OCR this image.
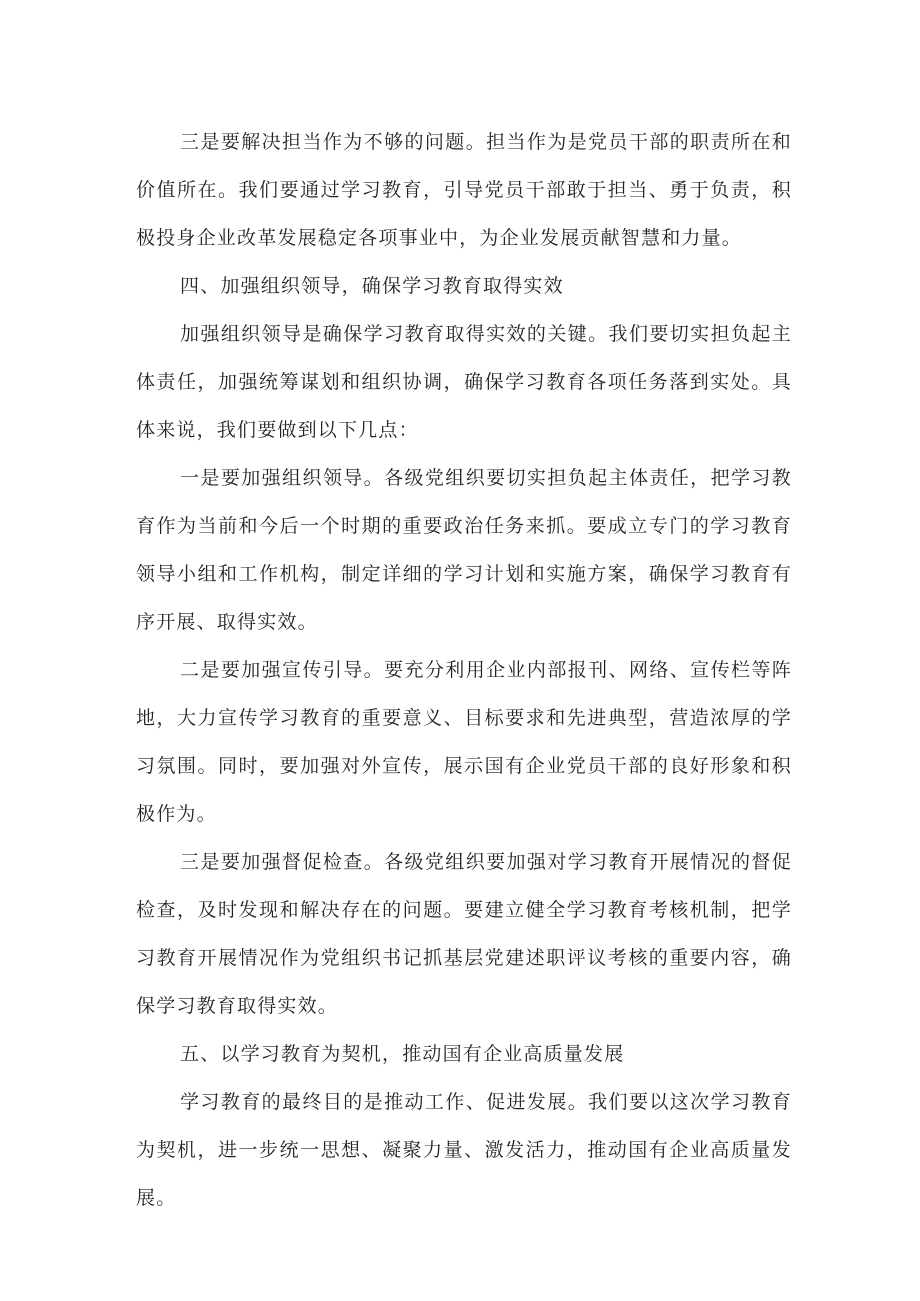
三是要解决担当作为不够的问题。担当作为是党员干部的职责所在和价值所在。我们要通过学习教育，引导党员干部敢于担当、勇于负责，积极投身企业改革发展稳定各项事业中，为企业发展贡献智慧和力量。

四、加强组织领导，确保学习教育取得实效

加强组织领导是确保学习教育取得实效的关键。我们要切实担负起主体责任，加强统筹谋划和组织协调，确保学习教育各项任务落到实处。具体来说，我们要做到以下几点：

一是要加强组织领导。各级党组织要切实担负起主体责任，把学习教育作为当前和今后一个时期的重要政治任务来抓。要成立专门的学习教育领导小组和工作机构，制定详细的学习计划和实施方案，确保学习教育有序开展、取得实效。

二是要加强宣传引导。要充分利用企业内部报刊、网络、宣传栏等阵地，大力宣传学习教育的重要意义、目标要求和先进典型，营造浓厚的学习氛围。同时，要加强对外宣传，展示国有企业党员干部的良好形象和积极作为。

三是要加强督促检查。各级党组织要加强对学习教育开展情况的督促检查，及时发现和解决存在的问题。要建立健全学习教育考核机制，把学习教育开展情况作为党组织书记抓基层党建述职评议考核的重要内容，确保学习教育取得实效。

五、以学习教育为契机，推动国有企业高质量发展

学习教育的最终目的是推动工作、促进发展。我们要以这次学习教育为契机，进一步统一思想、凝聚力量、激发活力，推动国有企业高质量发展。
